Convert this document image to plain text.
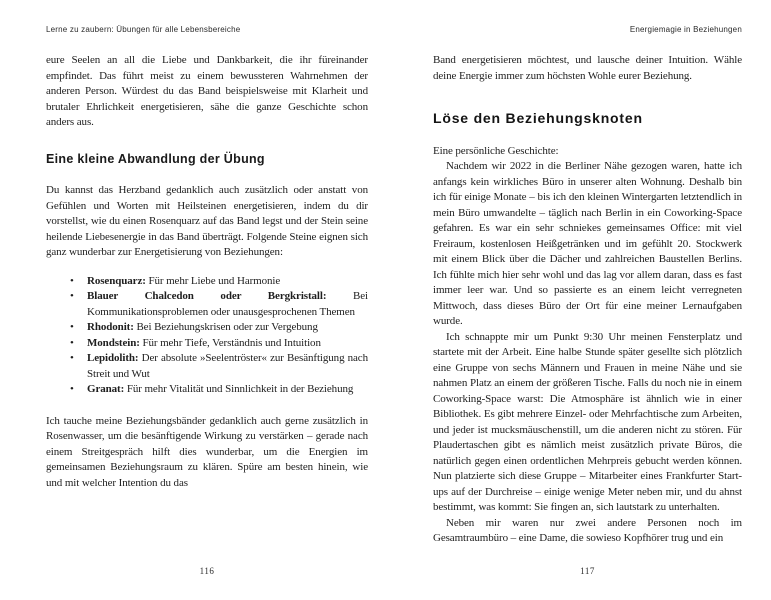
Lerne zu zaubern: Übungen für alle Lebensbereiche

eure Seelen an all die Liebe und Dankbarkeit, die ihr füreinander empfindet. Das führt meist zu einem bewussteren Wahrnehmen der anderen Person. Würdest du das Band beispielsweise mit Klarheit und brutaler Ehrlichkeit energetisieren, sähe die ganze Geschichte schon anders aus.

Eine kleine Abwandlung der Übung

Du kannst das Herzband gedanklich auch zusätzlich oder anstatt von Gefühlen und Worten mit Heilsteinen energetisieren, indem du dir vorstellst, wie du einen Rosenquarz auf das Band legst und der Stein seine heilende Liebesenergie in das Band überträgt. Folgende Steine eignen sich ganz wunderbar zur Energetisierung von Beziehungen:

• Rosenquarz: Für mehr Liebe und Harmonie
• Blauer Chalcedon oder Bergkristall: Bei Kommunikationsproblemen oder unausgesprochenen Themen
• Rhodonit: Bei Beziehungskrisen oder zur Vergebung
• Mondstein: Für mehr Tiefe, Verständnis und Intuition
• Lepidolith: Der absolute »Seelentröster« zur Besänftigung nach Streit und Wut
• Granat: Für mehr Vitalität und Sinnlichkeit in der Beziehung

Ich tauche meine Beziehungsbänder gedanklich auch gerne zusätzlich in Rosenwasser, um die besänftigende Wirkung zu verstärken – gerade nach einem Streitgespräch hilft dies wunderbar, um die Energien im gemeinsamen Beziehungsraum zu klären. Spüre am besten hinein, wie und mit welcher Intention du das

116
Energiemagie in Beziehungen

Band energetisieren möchtest, und lausche deiner Intuition. Wähle deine Energie immer zum höchsten Wohle eurer Beziehung.

Löse den Beziehungsknoten

Eine persönliche Geschichte:

Nachdem wir 2022 in die Berliner Nähe gezogen waren, hatte ich anfangs kein wirkliches Büro in unserer alten Wohnung. Deshalb bin ich für einige Monate – bis ich den kleinen Wintergarten letztendlich in mein Büro umwandelte – täglich nach Berlin in ein Coworking-Space gefahren. Es war ein sehr schniekes gemeinsames Office: mit viel Freiraum, kostenlosen Heißgetränken und im gefühlt 20. Stockwerk mit einem Blick über die Dächer und zahlreichen Baustellen Berlins. Ich fühlte mich hier sehr wohl und das lag vor allem daran, dass es fast immer leer war. Und so passierte es an einem leicht verregneten Mittwoch, dass dieses Büro der Ort für eine meiner Lernaufgaben wurde.

Ich schnappte mir um Punkt 9:30 Uhr meinen Fensterplatz und startete mit der Arbeit. Eine halbe Stunde später gesellte sich plötzlich eine Gruppe von sechs Männern und Frauen in meine Nähe und sie nahmen Platz an einem der größeren Tische. Falls du noch nie in einem Coworking-Space warst: Die Atmosphäre ist ähnlich wie in einer Bibliothek. Es gibt mehrere Einzel- oder Mehrfachtische zum Arbeiten, und jeder ist mucksmäuschenstill, um die anderen nicht zu stören. Für Plaudertaschen gibt es nämlich meist zusätzlich private Büros, die natürlich gegen einen ordentlichen Mehrpreis gebucht werden können. Nun platzierte sich diese Gruppe – Mitarbeiter eines Frankfurter Start-ups auf der Durchreise – einige wenige Meter neben mir, und du ahnst bestimmt, was kommt: Sie fingen an, sich lautstark zu unterhalten.

Neben mir waren nur zwei andere Personen noch im Gesamtraumbüro – eine Dame, die sowieso Kopfhörer trug und ein

117
